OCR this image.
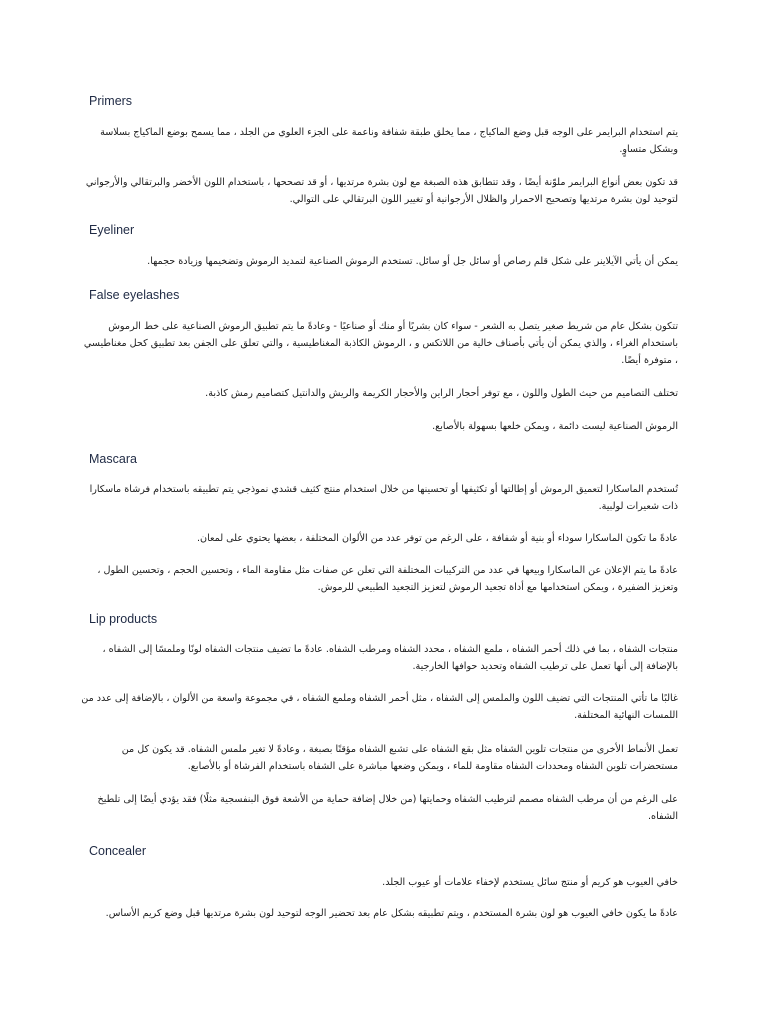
Primers

يتم استخدام البرايمر على الوجه قبل وضع الماكياج ، مما يخلق طبقة شفافة وناعمة على الجزء العلوي من الجلد ، مما يسمح بوضع الماكياج بسلاسة وبشكل متساوٍ.

قد تكون بعض أنواع البرايمر ملوّنة أيضًا ، وقد تتطابق هذه الصبغة مع لون بشرة مرتديها ، أو قد تصححها ، باستخدام اللون الأخضر والبرتقالي والأرجواني لتوحيد لون بشرة مرتديها وتصحيح الاحمرار والظلال الأرجوانية أو تغيير اللون البرتقالي على التوالي.

Eyeliner

يمكن أن يأتي الآيلاينر على شكل قلم رصاص أو سائل جل أو سائل. تستخدم الرموش الصناعية لتمديد الرموش وتضخيمها وزيادة حجمها.

False eyelashes

تتكون بشكل عام من شريط صغير يتصل به الشعر - سواء كان بشريًا أو منك أو صناعيًا - وعادةً ما يتم تطبيق الرموش الصناعية على خط الرموش باستخدام الغراء ، والذي يمكن أن يأتي بأصناف خالية من اللاتكس و ، الرموش الكاذبة المغناطيسية ، والتي تعلق على الجفن بعد تطبيق كحل مغناطيسي ، متوفرة أيضًا.

تختلف التصاميم من حيث الطول واللون ، مع توفر أحجار الراين والأحجار الكريمة والريش والدانتيل كتصاميم رمش كاذبة.

الرموش الصناعية ليست دائمة ، ويمكن خلعها بسهولة بالأصابع.

Mascara

تُستخدم الماسكارا لتعميق الرموش أو إطالتها أو تكثيفها أو تحسينها من خلال استخدام منتج كثيف قشدي نموذجي يتم تطبيقه باستخدام فرشاة ماسكارا ذات شعيرات لولبية.

عادةً ما تكون الماسكارا سوداء أو بنية أو شفافة ، على الرغم من توفر عدد من الألوان المختلفة ، بعضها يحتوي على لمعان.

عادةً ما يتم الإعلان عن الماسكارا وبيعها في عدد من التركيبات المختلفة التي تعلن عن صفات مثل مقاومة الماء ، وتحسين الحجم ، وتحسين الطول ، وتعزيز الضفيرة ، ويمكن استخدامها مع أداة تجعيد الرموش لتعزيز التجعيد الطبيعي للرموش.

Lip products

منتجات الشفاه ، بما في ذلك أحمر الشفاه ، ملمع الشفاه ، محدد الشفاه ومرطب الشفاه. عادةً ما تضيف منتجات الشفاه لونًا وملمسًا إلى الشفاه ، بالإضافة إلى أنها تعمل على ترطيب الشفاه وتحديد حوافها الخارجية.

غالبًا ما تأتي المنتجات التي تضيف اللون والملمس إلى الشفاه ، مثل أحمر الشفاه وملمع الشفاه ، في مجموعة واسعة من الألوان ، بالإضافة إلى عدد من اللمسات النهائية المختلفة.

تعمل الأنماط الأخرى من منتجات تلوين الشفاه مثل بقع الشفاه على تشبع الشفاه مؤقتًا بصبغة ، وعادةً لا تغير ملمس الشفاه. قد يكون كل من مستحضرات تلوين الشفاه ومحددات الشفاه مقاومة للماء ، ويمكن وضعها مباشرة على الشفاه باستخدام الفرشاة أو بالأصابع.

على الرغم من أن مرطب الشفاه مصمم لترطيب الشفاه وحمايتها (من خلال إضافة حماية من الأشعة فوق البنفسجية مثلًا) فقد يؤدي أيضًا إلى تلطيخ الشفاه.

Concealer

خافي العيوب هو كريم أو منتج سائل يستخدم لإخفاء علامات أو عيوب الجلد.

عادةً ما يكون خافي العيوب هو لون بشرة المستخدم ، ويتم تطبيقه بشكل عام بعد تحضير الوجه لتوحيد لون بشرة مرتديها قبل وضع كريم الأساس.
